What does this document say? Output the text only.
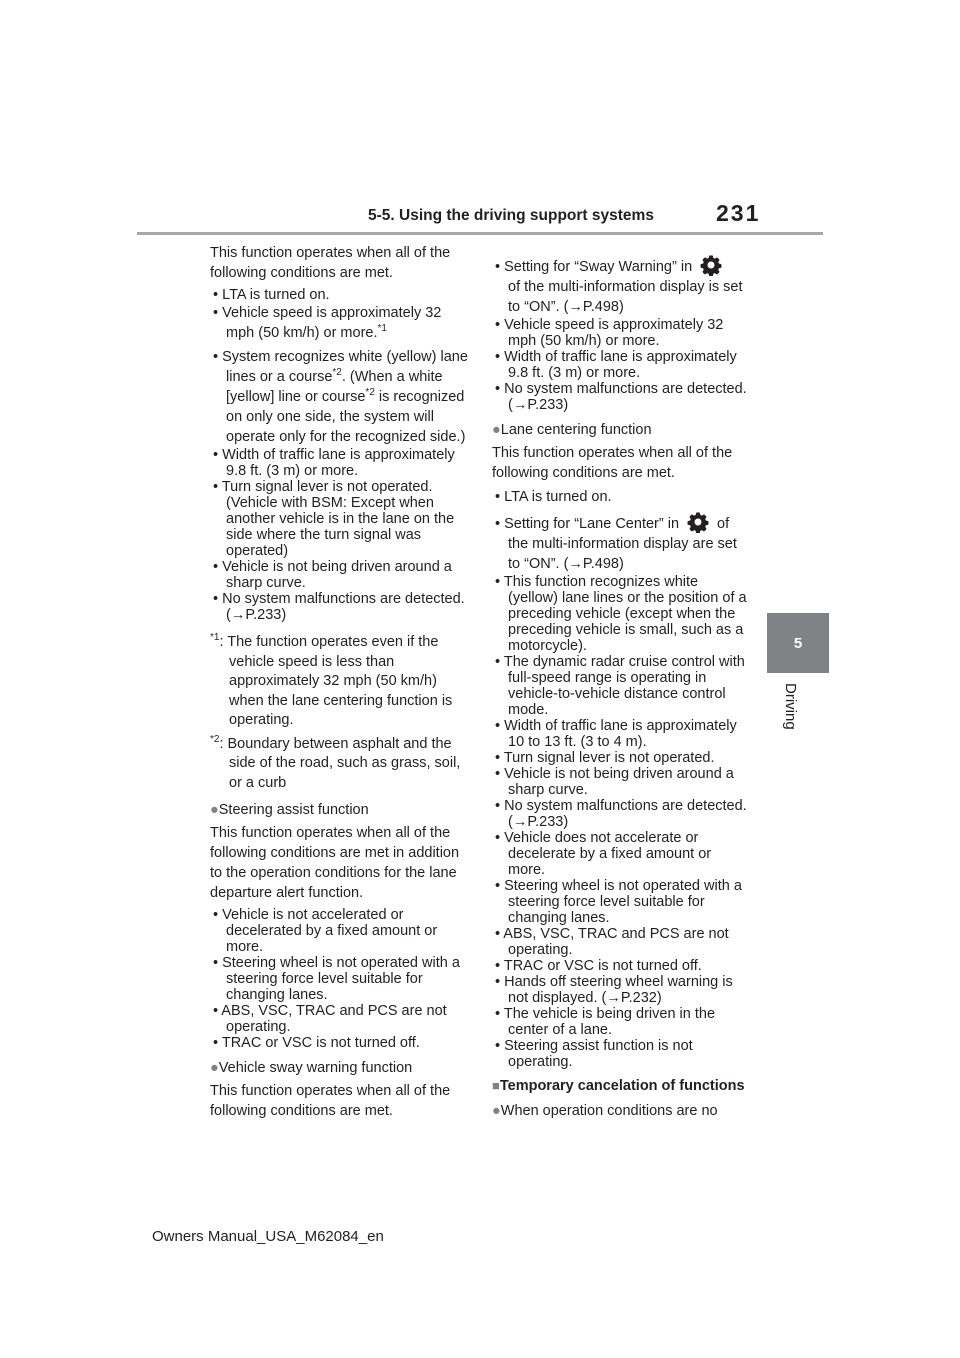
5-5. Using the driving support systems	231
5
Driving

This function operates when all of the following conditions are met.

• LTA is turned on.

• Vehicle speed is approximately 32 mph (50 km/h) or more.$^{*1}$

• System recognizes white (yellow) lane lines or a course$^{*2}$. (When a white [yellow] line or course$^{*2}$ is recognized on only one side, the system will operate only for the recognized side.)

• Width of traffic lane is approximately 9.8 ft. (3 m) or more.

• Turn signal lever is not operated. (Vehicle with BSM: Except when another vehicle is in the lane on the side where the turn signal was operated)

• Vehicle is not being driven around a sharp curve.

• No system malfunctions are detected. (→P.233)

$^{*1}$: The function operates even if the vehicle speed is less than approximately 32 mph (50 km/h) when the lane centering function is operating.

$^{*2}$: Boundary between asphalt and the side of the road, such as grass, soil, or a curb

●Steering assist function

This function operates when all of the following conditions are met in addition to the operation conditions for the lane departure alert function.

• Vehicle is not accelerated or decelerated by a fixed amount or more.

• Steering wheel is not operated with a steering force level suitable for changing lanes.

• ABS, VSC, TRAC and PCS are not operating.

• TRAC or VSC is not turned off.

●Vehicle sway warning function

This function operates when all of the following conditions are met.

• Setting for “Sway Warning” in
of the multi-information display is set to “ON”. (→P.498)

• Vehicle speed is approximately 32 mph (50 km/h) or more.

• Width of traffic lane is approximately 9.8 ft. (3 m) or more.

• No system malfunctions are detected. (→P.233)

●Lane centering function

This function operates when all of the following conditions are met.

• LTA is turned on.

• Setting for “Lane Center” in	of
the multi-information display are set to “ON”. (→P.498)

• This function recognizes white (yellow) lane lines or the position of a preceding vehicle (except when the preceding vehicle is small, such as a motorcycle).

• The dynamic radar cruise control with full-speed range is operating in vehicle-to-vehicle distance control mode.

• Width of traffic lane is approximately 10 to 13 ft. (3 to 4 m).

• Turn signal lever is not operated.

• Vehicle is not being driven around a sharp curve.

• No system malfunctions are detected. (→P.233)

• Vehicle does not accelerate or decelerate by a fixed amount or more.

• Steering wheel is not operated with a steering force level suitable for changing lanes.

• ABS, VSC, TRAC and PCS are not operating.

• TRAC or VSC is not turned off.

• Hands off steering wheel warning is not displayed. (→P.232)

• The vehicle is being driven in the center of a lane.

• Steering assist function is not operating.

■Temporary cancelation of functions

●When operation conditions are no

Owners Manual_USA_M62084_en
